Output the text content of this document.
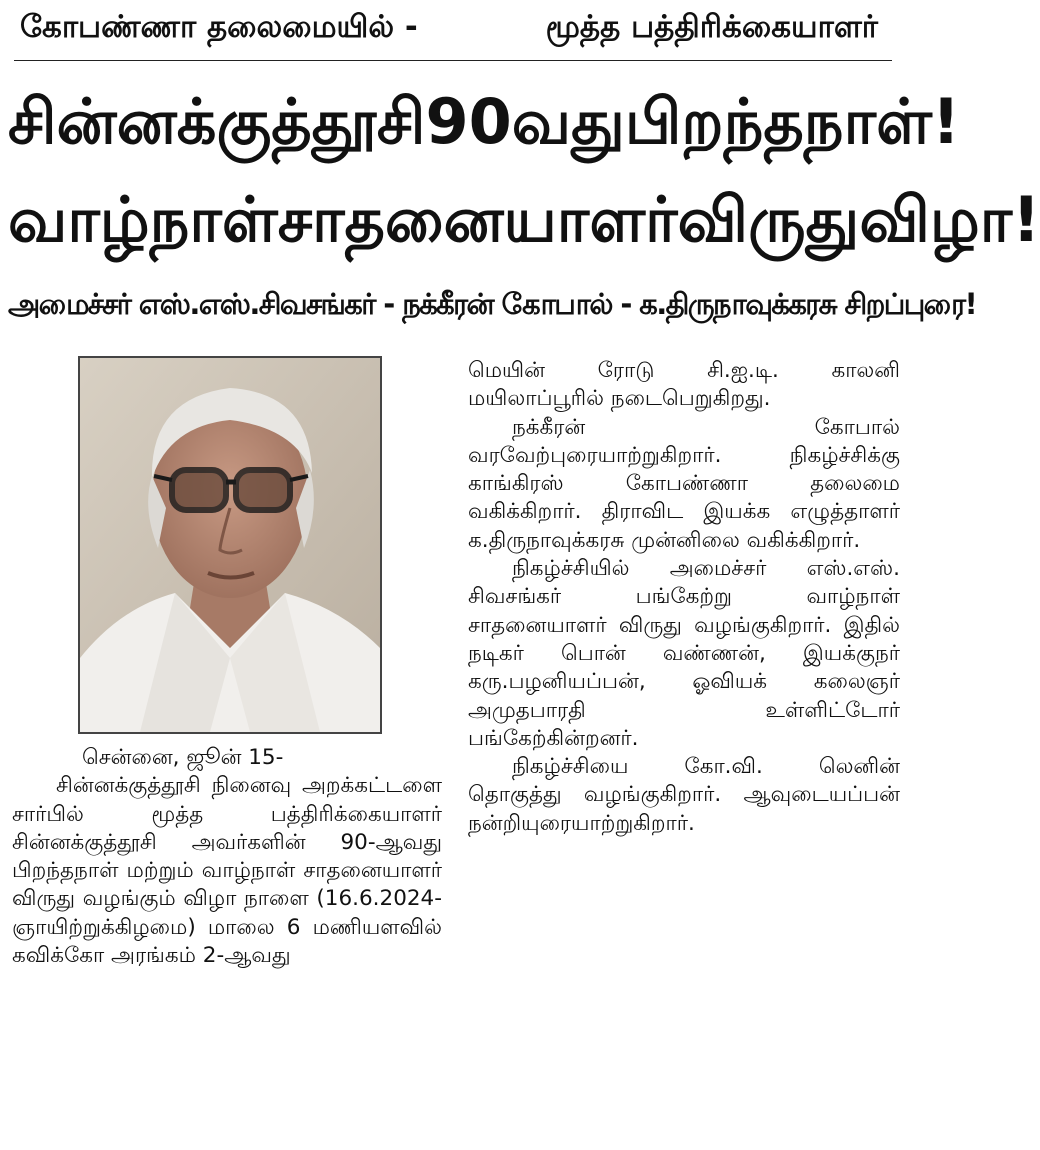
கோபண்ணா தலைமையில் -	மூத்த பத்திரிக்கையாளர்
சின்னக்குத்தூசி 90வது பிறந்தநாள்!
வாழ்நாள் சாதனையாளர் விருது விழா!
அமைச்சர் எஸ்.எஸ்.சிவசங்கர் - நக்கீரன் கோபால் - க.திருநாவுக்கரசு சிறப்புரை!

சென்னை, ஜூன் 15-

சின்னக்குத்தூசி நினைவு அறக்கட்டளை சார்பில் மூத்த பத்திரிக்கையாளர் சின்னக்குத்தூசி அவர்களின் 90-ஆவது பிறந்தநாள் மற்றும் வாழ்நாள் சாதனையாளர் விருது வழங்கும் விழா நாளை (16.6.2024-ஞாயிற்றுக்கிழமை) மாலை 6 மணியளவில் கவிக்கோ அரங்கம் 2-ஆவது

மெயின் ரோடு சி.ஐ.டி. காலனி மயிலாப்பூரில் நடைபெறுகிறது.

நக்கீரன் கோபால் வரவேற்புரையாற்றுகிறார். நிகழ்ச்சிக்கு காங்கிரஸ் கோபண்ணா தலைமை வகிக்கிறார். திராவிட இயக்க எழுத்தாளர் க.திருநாவுக்கரசு முன்னிலை வகிக்கிறார்.

நிகழ்ச்சியில் அமைச்சர் எஸ்.எஸ். சிவசங்கர் பங்கேற்று வாழ்நாள் சாதனையாளர் விருது வழங்குகிறார். இதில் நடிகர் பொன் வண்ணன், இயக்குநர் கரு.பழனியப்பன், ஓவியக் கலைஞர் அமுதபாரதி உள்ளிட்டோர் பங்கேற்கின்றனர்.

நிகழ்ச்சியை கோ.வி. லெனின் தொகுத்து வழங்குகிறார். ஆவுடையப்பன் நன்றியுரையாற்றுகிறார்.
